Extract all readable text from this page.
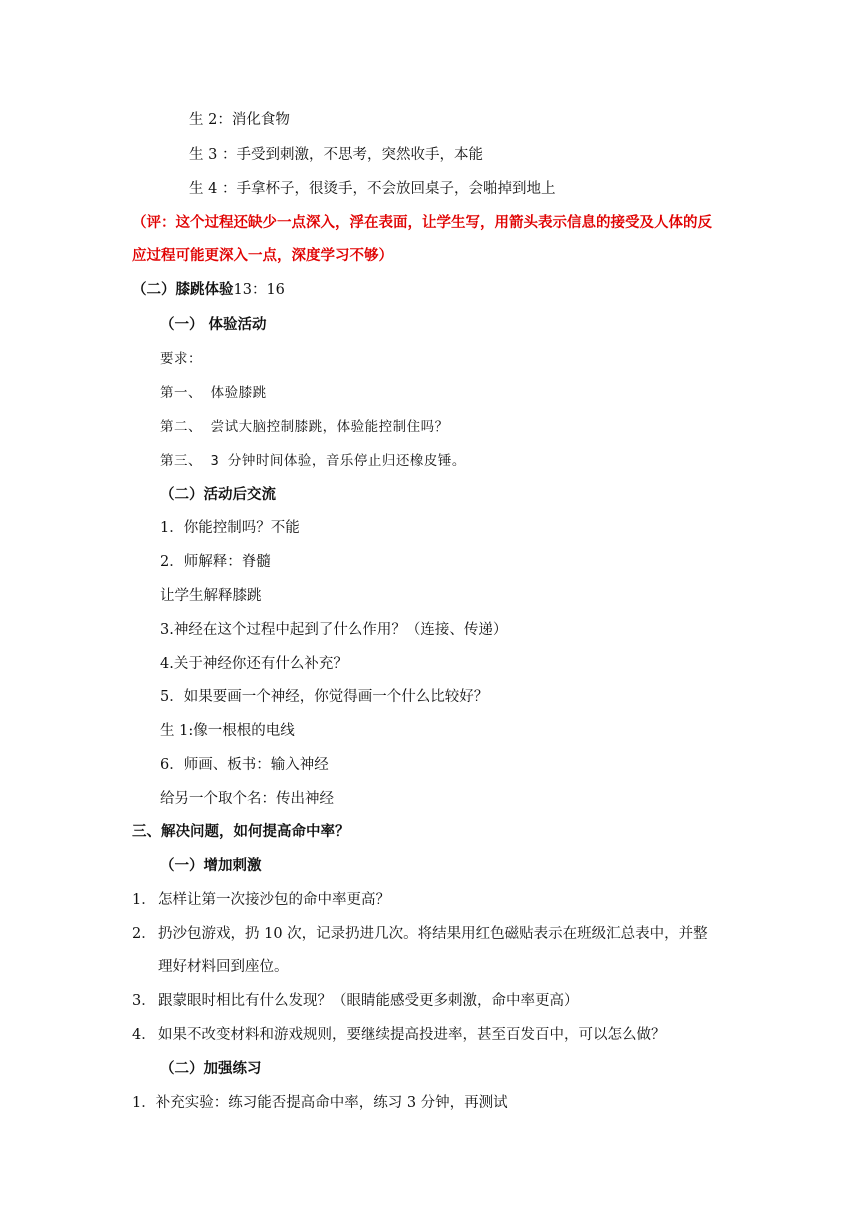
生 2：消化食物
生 3 ：手受到刺激，不思考，突然收手，本能
生 4 ：手拿杯子，很烫手，不会放回桌子，会啪掉到地上
（评：这个过程还缺少一点深入，浮在表面，让学生写，用箭头表示信息的接受及人体的反
应过程可能更深入一点，深度学习不够）
（二）膝跳体验13：16
（一） 体验活动
要求：
第一、 体验膝跳
第二、 尝试大脑控制膝跳，体验能控制住吗？
第三、 3 分钟时间体验，音乐停止归还橡皮锤。
（二）活动后交流
1．你能控制吗？不能
2．师解释：脊髓
让学生解释膝跳
3.神经在这个过程中起到了什么作用？（连接、传递）
4.关于神经你还有什么补充？
5．如果要画一个神经，你觉得画一个什么比较好？
生 1:像一根根的电线
6．师画、板书：输入神经
给另一个取个名：传出神经
三、解决问题，如何提高命中率？
（一）增加刺激
1． 怎样让第一次接沙包的命中率更高？
2． 扔沙包游戏，扔 10 次，记录扔进几次。将结果用红色磁贴表示在班级汇总表中，并整
理好材料回到座位。
3． 跟蒙眼时相比有什么发现？（眼睛能感受更多刺激，命中率更高）
4． 如果不改变材料和游戏规则，要继续提高投进率，甚至百发百中，可以怎么做？
（二）加强练习
1．补充实验：练习能否提高命中率，练习 3 分钟，再测试
